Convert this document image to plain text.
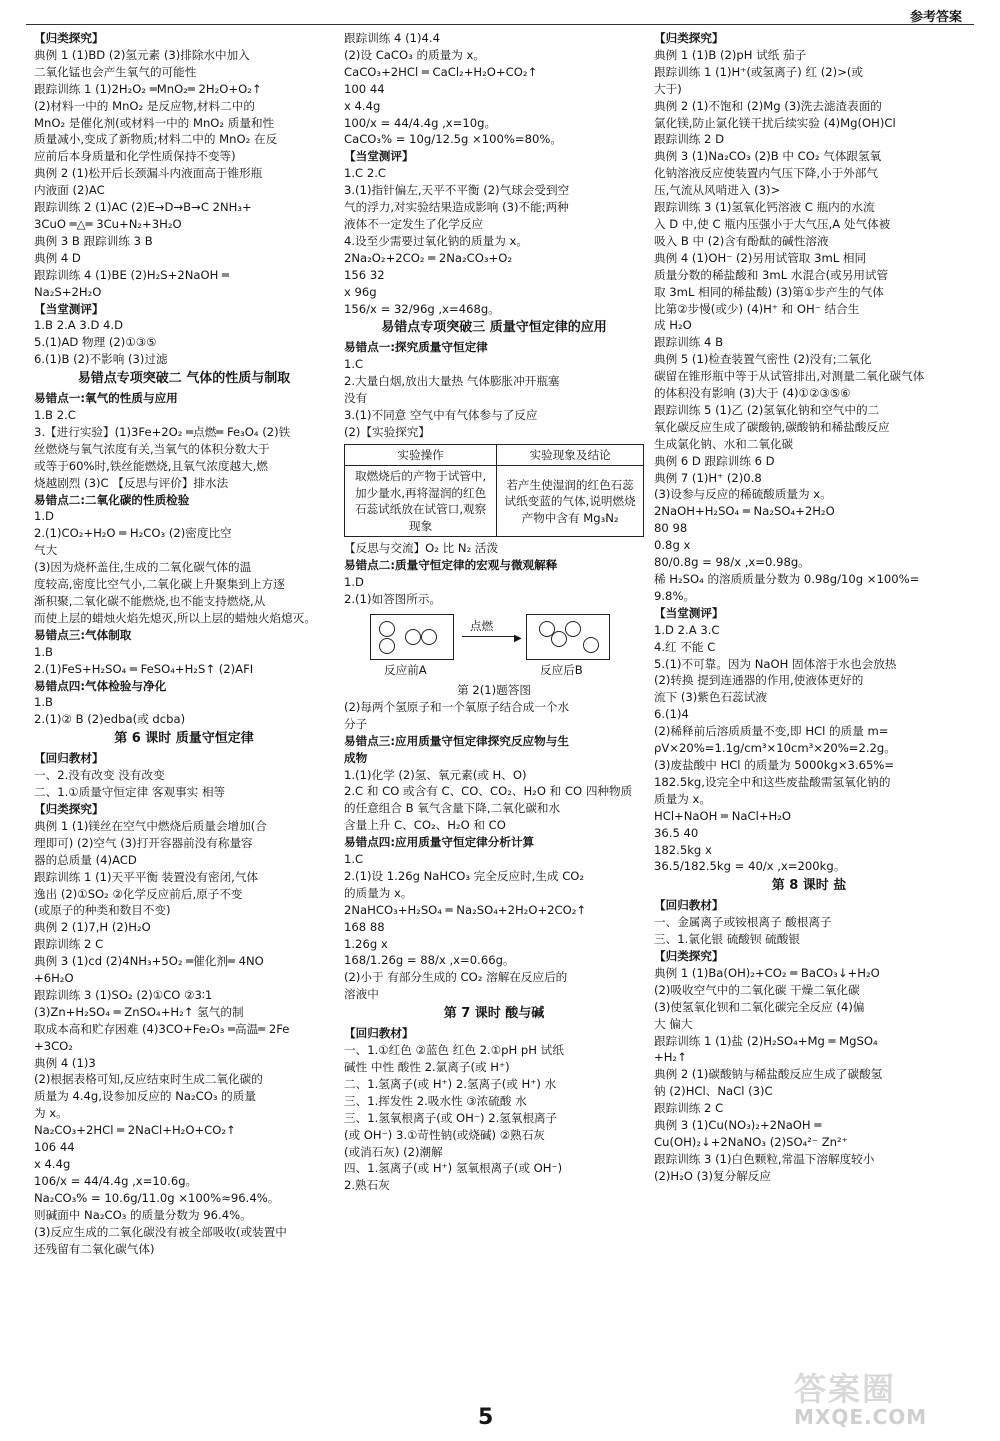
参考答案
【归类探究】
典例 1 (1)BD (2)氢元素 (3)排除水中加入
二氧化锰也会产生氧气的可能性
跟踪训练 1 (1)2H₂O₂ ═MnO₂═ 2H₂O+O₂↑
(2)材料一中的 MnO₂ 是反应物,材料二中的
MnO₂ 是催化剂(或材料一中的 MnO₂ 质量和性
质量减小,变成了新物质;材料二中的 MnO₂ 在反
应前后本身质量和化学性质保持不变等)
典例 2 (1)松开后长颈漏斗内液面高于锥形瓶
内液面 (2)AC
跟踪训练 2 (1)AC (2)E→D→B→C 2NH₃+
3CuO ═△═ 3Cu+N₂+3H₂O
典例 3 B 跟踪训练 3 B
典例 4 D
跟踪训练 4 (1)BE (2)H₂S+2NaOH ═
Na₂S+2H₂O
【当堂测评】
1.B 2.A 3.D 4.D
5.(1)AD 物理 (2)①③⑤
6.(1)B (2)不影响 (3)过滤
易错点专项突破二 气体的性质与制取
易错点一:氧气的性质与应用
1.B 2.C
3.【进行实验】(1)3Fe+2O₂ ═点燃═ Fe₃O₄ (2)铁
丝燃烧与氧气浓度有关,当氧气的体积分数大于
或等于60%时,铁丝能燃烧,且氧气浓度越大,燃
烧越剧烈 (3)C 【反思与评价】排水法
易错点二:二氧化碳的性质检验
1.D
2.(1)CO₂+H₂O ═ H₂CO₃ (2)密度比空
气大
(3)因为烧杯盖住,生成的二氧化碳气体的温
度较高,密度比空气小,二氧化碳上升聚集到上方逐
渐积聚,二氧化碳不能燃烧,也不能支持燃烧,从
而使上层的蜡烛火焰先熄灭,所以上层的蜡烛火焰熄灭。
易错点三:气体制取
1.B
2.(1)FeS+H₂SO₄ ═ FeSO₄+H₂S↑ (2)AFI
易错点四:气体检验与净化
1.B
2.(1)② B (2)edba(或 dcba)
第 6 课时 质量守恒定律
【回归教材】
一、2.没有改变 没有改变
二、1.①质量守恒定律 客观事实 相等
【归类探究】
典例 1 (1)镁丝在空气中燃烧后质量会增加(合
理即可) (2)空气 (3)打开容器前没有称量容
器的总质量 (4)ACD
跟踪训练 1 (1)天平平衡 装置没有密闭,气体
逸出 (2)①SO₂ ②化学反应前后,原子不变
(或原子的种类和数目不变)
典例 2 (1)7,H (2)H₂O
跟踪训练 2 C
典例 3 (1)cd (2)4NH₃+5O₂ ═催化剂═ 4NO
+6H₂O
跟踪训练 3 (1)SO₂ (2)①CO ②3∶1
(3)Zn+H₂SO₄ ═ ZnSO₄+H₂↑ 氢气的制
取成本高和贮存困难 (4)3CO+Fe₂O₃ ═高温═ 2Fe
+3CO₂
典例 4 (1)3
(2)根据表格可知,反应结束时生成二氧化碳的
质量为 4.4g,设参加反应的 Na₂CO₃ 的质量
为 x。
Na₂CO₃+2HCl ═ 2NaCl+H₂O+CO₂↑
106 44
x 4.4g
106/x = 44/4.4g ,x=10.6g。
Na₂CO₃% = 10.6g/11.0g ×100%≈96.4%。
则碱面中 Na₂CO₃ 的质量分数为 96.4%。
(3)反应生成的二氧化碳没有被全部吸收(或装置中
还残留有二氧化碳气体)
跟踪训练 4 (1)4.4
(2)设 CaCO₃ 的质量为 x。
CaCO₃+2HCl ═ CaCl₂+H₂O+CO₂↑
100 44
x 4.4g
100/x = 44/4.4g ,x=10g。
CaCO₃% = 10g/12.5g ×100%=80%。
【当堂测评】
1.C 2.C
3.(1)指针偏左,天平不平衡 (2)气球会受到空
气的浮力,对实验结果造成影响 (3)不能;两种
液体不一定发生了化学反应
4.设至少需要过氧化钠的质量为 x。
2Na₂O₂+2CO₂ ═ 2Na₂CO₃+O₂
156 32
x 96g
156/x = 32/96g ,x=468g。
易错点专项突破三 质量守恒定律的应用
易错点一:探究质量守恒定律
1.C
2.大量白烟,放出大量热 气体膨胀冲开瓶塞
没有
3.(1)不同意 空气中有气体参与了反应
(2)【实验探究】
实验操作	实验现象及结论
取燃烧后的产物于试管中,加少量水,再将湿润的红色石蕊试纸放在试管口,观察现象	若产生使湿润的红色石蕊试纸变蓝的气体,说明燃烧产物中含有 Mg₃N₂
【反思与交流】O₂ 比 N₂ 活泼
易错点二:质量守恒定律的宏观与微观解释
1.D
2.(1)如答图所示。
点燃
▶
反应前A	反应后B
第 2(1)题答图
(2)每两个氢原子和一个氧原子结合成一个水
分子
易错点三:应用质量守恒定律探究反应物与生
成物
1.(1)化学 (2)氢、氧元素(或 H、O)
2.C 和 CO 或含有 C、CO、CO₂、H₂O 和 CO 四种物质
的任意组合 B 氧气含量下降,二氧化碳和水
含量上升 C、CO₂、H₂O 和 CO
易错点四:应用质量守恒定律分析计算
1.C
2.(1)设 1.26g NaHCO₃ 完全反应时,生成 CO₂
的质量为 x。
2NaHCO₃+H₂SO₄ ═ Na₂SO₄+2H₂O+2CO₂↑
168 88
1.26g x
168/1.26g = 88/x ,x=0.66g。
(2)小于 有部分生成的 CO₂ 溶解在反应后的
溶液中
第 7 课时 酸与碱
【回归教材】
一、1.①红色 ②蓝色 红色 2.①pH pH 试纸
碱性 中性 酸性 2.氯离子(或 H⁺)
二、1.氢离子(或 H⁺) 2.氢离子(或 H⁺) 水
三、1.挥发性 2.吸水性 ③浓硫酸 水
三、1.氢氧根离子(或 OH⁻) 2.氢氧根离子
(或 OH⁻) 3.①苛性钠(或烧碱) ②熟石灰
(或消石灰) (2)潮解
四、1.氢离子(或 H⁺) 氢氧根离子(或 OH⁻)
2.熟石灰
【归类探究】
典例 1 (1)B (2)pH 试纸 茄子
跟踪训练 1 (1)H⁺(或氢离子) 红 (2)>(或
大于)
典例 2 (1)不饱和 (2)Mg (3)洗去滤渣表面的
氯化镁,防止氯化镁干扰后续实验 (4)Mg(OH)Cl
跟踪训练 2 D
典例 3 (1)Na₂CO₃ (2)B 中 CO₂ 气体跟氢氧
化钠溶液反应使装置内气压下降,小于外部气
压,气流从风哨进入 (3)>
跟踪训练 3 (1)氢氧化钙溶液 C 瓶内的水流
入 D 中,使 C 瓶内压强小于大气压,A 处气体被
吸入 B 中 (2)含有酚酞的碱性溶液
典例 4 (1)OH⁻ (2)另用试管取 3mL 相同
质量分数的稀盐酸和 3mL 水混合(或另用试管
取 3mL 相同的稀盐酸) (3)第①步产生的气体
比第②步慢(或少) (4)H⁺ 和 OH⁻ 结合生
成 H₂O
跟踪训练 4 B
典例 5 (1)检查装置气密性 (2)没有;二氧化
碳留在锥形瓶中等于从试管排出,对测量二氧化碳气体
的体积没有影响 (3)大于 (4)①②③⑤⑥
跟踪训练 5 (1)乙 (2)氢氧化钠和空气中的二
氧化碳反应生成了碳酸钠,碳酸钠和稀盐酸反应
生成氯化钠、水和二氧化碳
典例 6 D 跟踪训练 6 D
典例 7 (1)H⁺ (2)0.8
(3)设参与反应的稀硫酸质量为 x。
2NaOH+H₂SO₄ ═ Na₂SO₄+2H₂O
80 98
0.8g x
80/0.8g = 98/x ,x=0.98g。
稀 H₂SO₄ 的溶质质量分数为 0.98g/10g ×100%=
9.8%。
【当堂测评】
1.D 2.A 3.C
4.红 不能 C
5.(1)不可靠。因为 NaOH 固体溶于水也会放热
(2)转换 提到连通器的作用,使液体更好的
流下 (3)紫色石蕊试液
6.(1)4
(2)稀释前后溶质质量不变,即 HCl 的质量 m=
ρV×20%=1.1g/cm³×10cm³×20%=2.2g。
(3)废盐酸中 HCl 的质量为 5000kg×3.65%=
182.5kg,设完全中和这些废盐酸需氢氧化钠的
质量为 x。
HCl+NaOH ═ NaCl+H₂O
36.5 40
182.5kg x
36.5/182.5kg = 40/x ,x=200kg。
第 8 课时 盐
【回归教材】
一、金属离子或铵根离子 酸根离子
三、1.氯化银 硫酸钡 硫酸银
【归类探究】
典例 1 (1)Ba(OH)₂+CO₂ ═ BaCO₃↓+H₂O
(2)吸收空气中的二氧化碳 干燥二氧化碳
(3)使氢氧化钡和二氧化碳完全反应 (4)偏
大 偏大
跟踪训练 1 (1)盐 (2)H₂SO₄+Mg ═ MgSO₄
+H₂↑
典例 2 (1)碳酸钠与稀盐酸反应生成了碳酸氢
钠 (2)HCl、NaCl (3)C
跟踪训练 2 C
典例 3 (1)Cu(NO₃)₂+2NaOH ═
Cu(OH)₂↓+2NaNO₃ (2)SO₄²⁻ Zn²⁺
跟踪训练 3 (1)白色颗粒,常温下溶解度较小
(2)H₂O (3)复分解反应
5
答案圈
MXQE.COM
